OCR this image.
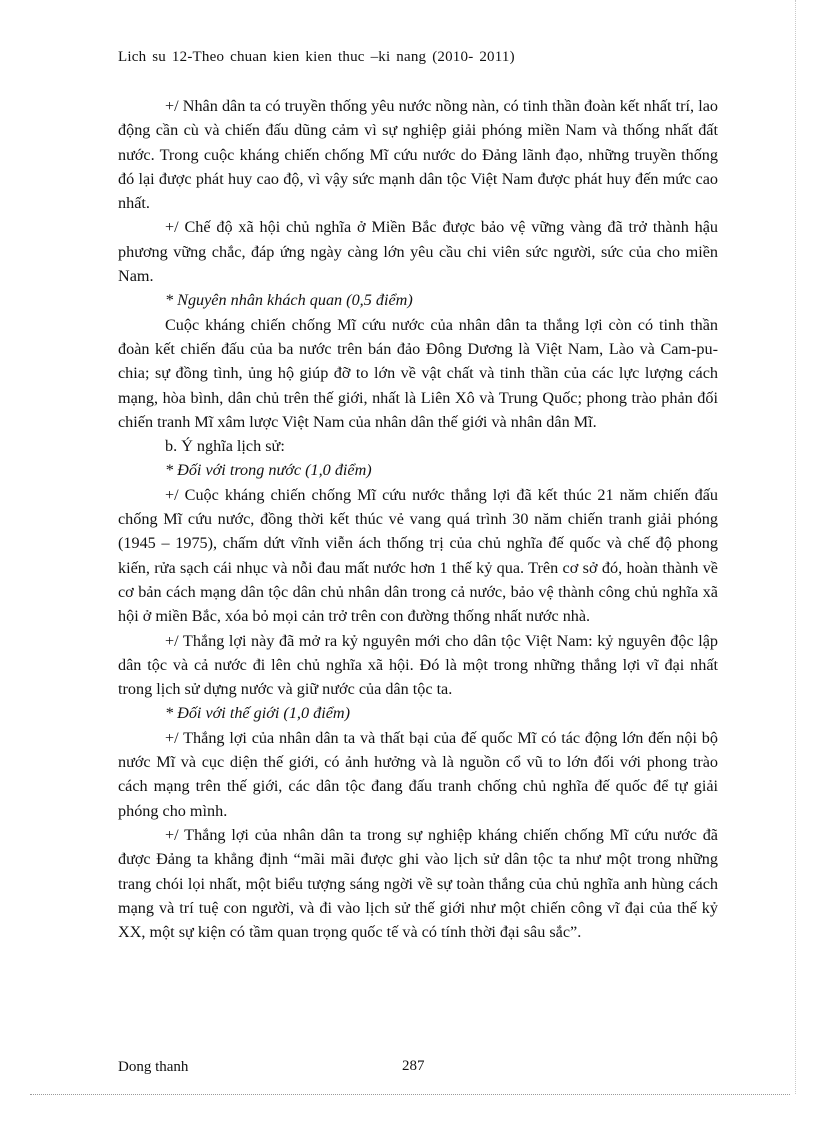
Lich su 12-Theo chuan kien kien thuc –ki nang (2010- 2011)

+/ Nhân dân ta có truyền thống yêu nước nồng nàn, có tinh thần đoàn kết nhất trí, lao động cần cù và chiến đấu dũng cảm vì sự nghiệp giải phóng miền Nam và thống nhất đất nước. Trong cuộc kháng chiến chống Mĩ cứu nước do Đảng lãnh đạo, những truyền thống đó lại được phát huy cao độ, vì vậy sức mạnh dân tộc Việt Nam được phát huy đến mức cao nhất.

+/ Chế độ xã hội chủ nghĩa ở Miền Bắc được bảo vệ vững vàng đã trở thành hậu phương vững chắc, đáp ứng ngày càng lớn yêu cầu chi viên sức người, sức của cho miền Nam.

* Nguyên nhân khách quan (0,5 điểm)

Cuộc kháng chiến chống Mĩ cứu nước của nhân dân ta thắng lợi còn có tinh thần đoàn kết chiến đấu của ba nước trên bán đảo Đông Dương là Việt Nam, Lào và Cam-pu-chia; sự đồng tình, ủng hộ giúp đỡ to lớn về vật chất và tinh thần của các lực lượng cách mạng, hòa bình, dân chủ trên thế giới, nhất là Liên Xô và Trung Quốc; phong trào phản đối chiến tranh Mĩ xâm lược Việt Nam của nhân dân thế giới và nhân dân Mĩ.

b. Ý nghĩa lịch sử:

* Đối với trong nước (1,0 điểm)

+/ Cuộc kháng chiến chống Mĩ cứu nước thắng lợi đã kết thúc 21 năm chiến đấu chống Mĩ cứu nước, đồng thời kết thúc vẻ vang quá trình 30 năm chiến tranh giải phóng (1945 – 1975), chấm dứt vĩnh viễn ách thống trị của chủ nghĩa đế quốc và chế độ phong kiến, rửa sạch cái nhục và nỗi đau mất nước hơn 1 thế kỷ qua. Trên cơ sở đó, hoàn thành về cơ bản cách mạng dân tộc dân chủ nhân dân trong cả nước, bảo vệ thành công chủ nghĩa xã hội ở miền Bắc, xóa bỏ mọi cản trở trên con đường thống nhất nước nhà.

+/ Thắng lợi này đã mở ra kỷ nguyên mới cho dân tộc Việt Nam: kỷ nguyên độc lập dân tộc và cả nước đi lên chủ nghĩa xã hội. Đó là một trong những thắng lợi vĩ đại nhất trong lịch sử dựng nước và giữ nước của dân tộc ta.

* Đối với thế giới (1,0 điểm)

+/ Thắng lợi của nhân dân ta và thất bại của đế quốc Mĩ có tác động lớn đến nội bộ nước Mĩ và cục diện thế giới, có ảnh hưởng và là nguồn cổ vũ to lớn đối với phong trào cách mạng trên thế giới, các dân tộc đang đấu tranh chống chủ nghĩa đế quốc để tự giải phóng cho mình.

+/ Thắng lợi của nhân dân ta trong sự nghiệp kháng chiến chống Mĩ cứu nước đã được Đảng ta khẳng định “mãi mãi được ghi vào lịch sử dân tộc ta như một trong những trang chói lọi nhất, một biểu tượng sáng ngời về sự toàn thắng của chủ nghĩa anh hùng cách mạng và trí tuệ con người, và đi vào lịch sử thế giới như một chiến công vĩ đại của thế kỷ XX, một sự kiện có tầm quan trọng quốc tế và có tính thời đại sâu sắc”.

Dong thanh	287
